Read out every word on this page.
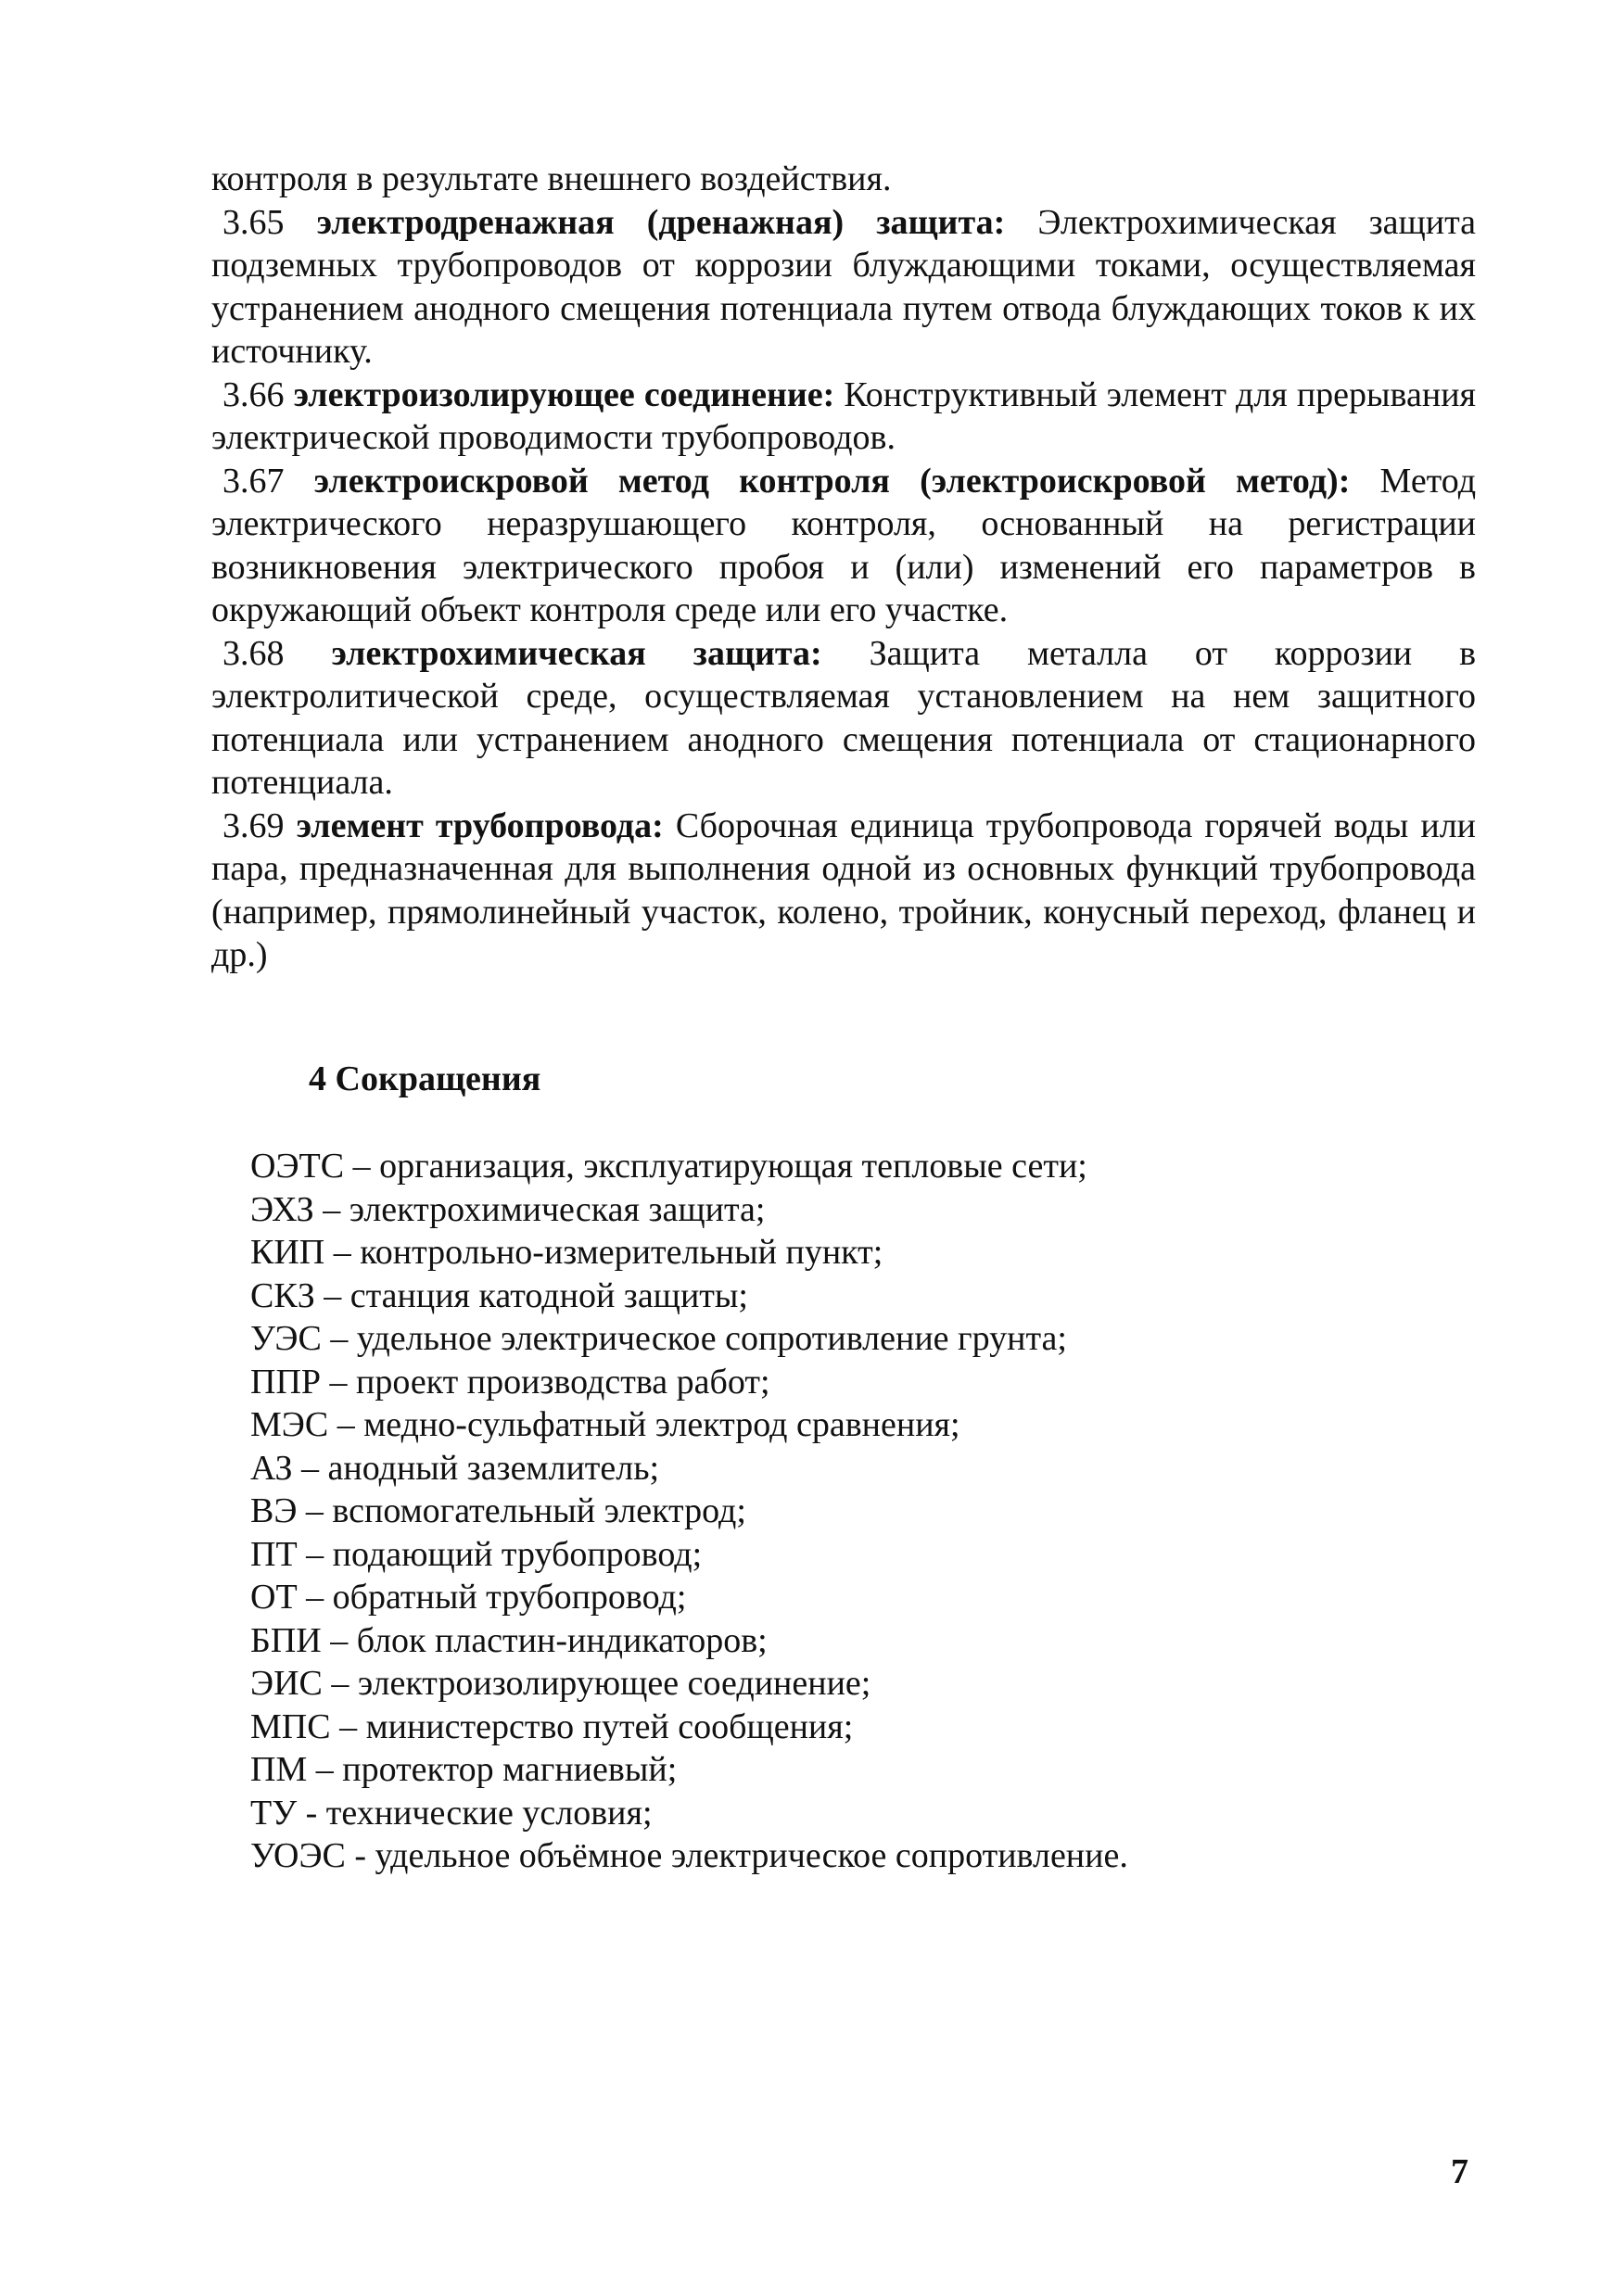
контроля в результате внешнего воздействия.

3.65 электродренажная (дренажная) защита: Электрохимическая защита подземных трубопроводов от коррозии блуждающими токами, осуществляемая устранением анодного смещения потенциала путем отвода блуждающих токов к их источнику.

3.66 электроизолирующее соединение: Конструктивный элемент для прерывания электрической проводимости трубопроводов.

3.67 электроискровой метод контроля (электроискровой метод): Метод электрического неразрушающего контроля, основанный на регистрации возникновения электрического пробоя и (или) изменений его параметров в окружающий объект контроля среде или его участке.

3.68 электрохимическая защита: Защита металла от коррозии в электролитической среде, осуществляемая установлением на нем защитного потенциала или устранением анодного смещения потенциала от стационарного потенциала.

3.69 элемент трубопровода: Сборочная единица трубопровода горячей воды или пара, предназначенная для выполнения одной из основных функций трубопровода (например, прямолинейный участок, колено, тройник, конусный переход, фланец и др.)

4 Сокращения
ОЭТС – организация, эксплуатирующая тепловые сети;
ЭХЗ – электрохимическая защита;
КИП – контрольно-измерительный пункт;
СКЗ – станция катодной защиты;
УЭС – удельное электрическое сопротивление грунта;
ППР – проект производства работ;
МЭС – медно-сульфатный электрод сравнения;
АЗ – анодный заземлитель;
ВЭ – вспомогательный электрод;
ПТ – подающий трубопровод;
ОТ – обратный трубопровод;
БПИ – блок пластин-индикаторов;
ЭИС – электроизолирующее соединение;
МПС – министерство путей сообщения;
ПМ – протектор магниевый;
ТУ - технические условия;
УОЭС - удельное объёмное электрическое сопротивление.
7
